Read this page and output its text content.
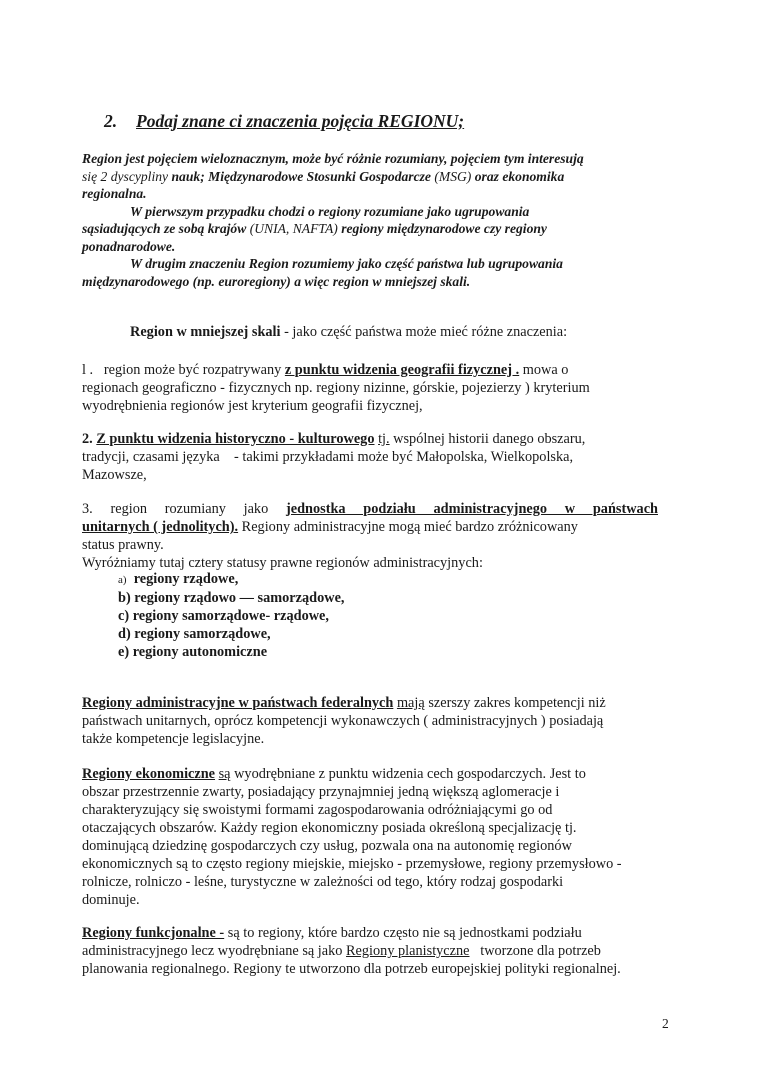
2. Podaj znane ci znaczenia pojęcia REGIONU;
Region jest pojęciem wieloznacznym, może być różnie rozumiany, pojęciem tym interesują
się 2 dyscypliny nauk; Międzynarodowe Stosunki Gospodarcze (MSG) oraz ekonomika
regionalna.
W pierwszym przypadku chodzi o regiony rozumiane jako ugrupowania
sąsiadujących ze sobą krajów (UNIA, NAFTA) regiony międzynarodowe czy regiony
ponadnarodowe.
W drugim znaczeniu Region rozumiemy jako część państwa lub ugrupowania
międzynarodowego (np. euroregiony) a więc region w mniejszej skali.
Region w mniejszej skali - jako część państwa może mieć różne znaczenia:
l . region może być rozpatrywany z punktu widzenia geografii fizycznej . mowa o
regionach geograficzno - fizycznych np. regiony nizinne, górskie, pojezierzy ) kryterium
wyodrębnienia regionów jest kryterium geografii fizycznej,
2. Z punktu widzenia historyczno - kulturowego tj. wspólnej historii danego obszaru,
tradycji, czasami języka    - takimi przykładami może być Małopolska, Wielkopolska,
Mazowsze,
3. region rozumiany jako jednostka podziału administracyjnego w państwach
unitarnych ( jednolitych). Regiony administracyjne mogą mieć bardzo zróżnicowany
status prawny.
Wyróżniamy tutaj cztery statusy prawne regionów administracyjnych:
a) regiony rządowe,
b) regiony rządowo — samorządowe,
c) regiony samorządowe- rządowe,
d) regiony samorządowe,
e) regiony autonomiczne
Regiony administracyjne w państwach federalnych mają szerszy zakres kompetencji niż
państwach unitarnych, oprócz kompetencji wykonawczych ( administracyjnych ) posiadają
także kompetencje legislacyjne.
Regiony ekonomiczne są wyodrębniane z punktu widzenia cech gospodarczych. Jest to
obszar przestrzennie zwarty, posiadający przynajmniej jedną większą aglomeracje i
charakteryzujący się swoistymi formami zagospodarowania odróżniającymi go od
otaczających obszarów. Każdy region ekonomiczny posiada określoną specjalizację tj.
dominującą dziedzinę gospodarczych czy usług, pozwala ona na autonomię regionów
ekonomicznych są to często regiony miejskie, miejsko - przemysłowe, regiony przemysłowo -
rolnicze, rolniczo - leśne, turystyczne w zależności od tego, który rodzaj gospodarki
dominuje.
Regiony funkcjonalne - są to regiony, które bardzo często nie są jednostkami podziału
administracyjnego lecz wyodrębniane są jako Regiony planistyczne tworzone dla potrzeb
planowania regionalnego. Regiony te utworzono dla potrzeb europejskiej polityki regionalnej.
2
